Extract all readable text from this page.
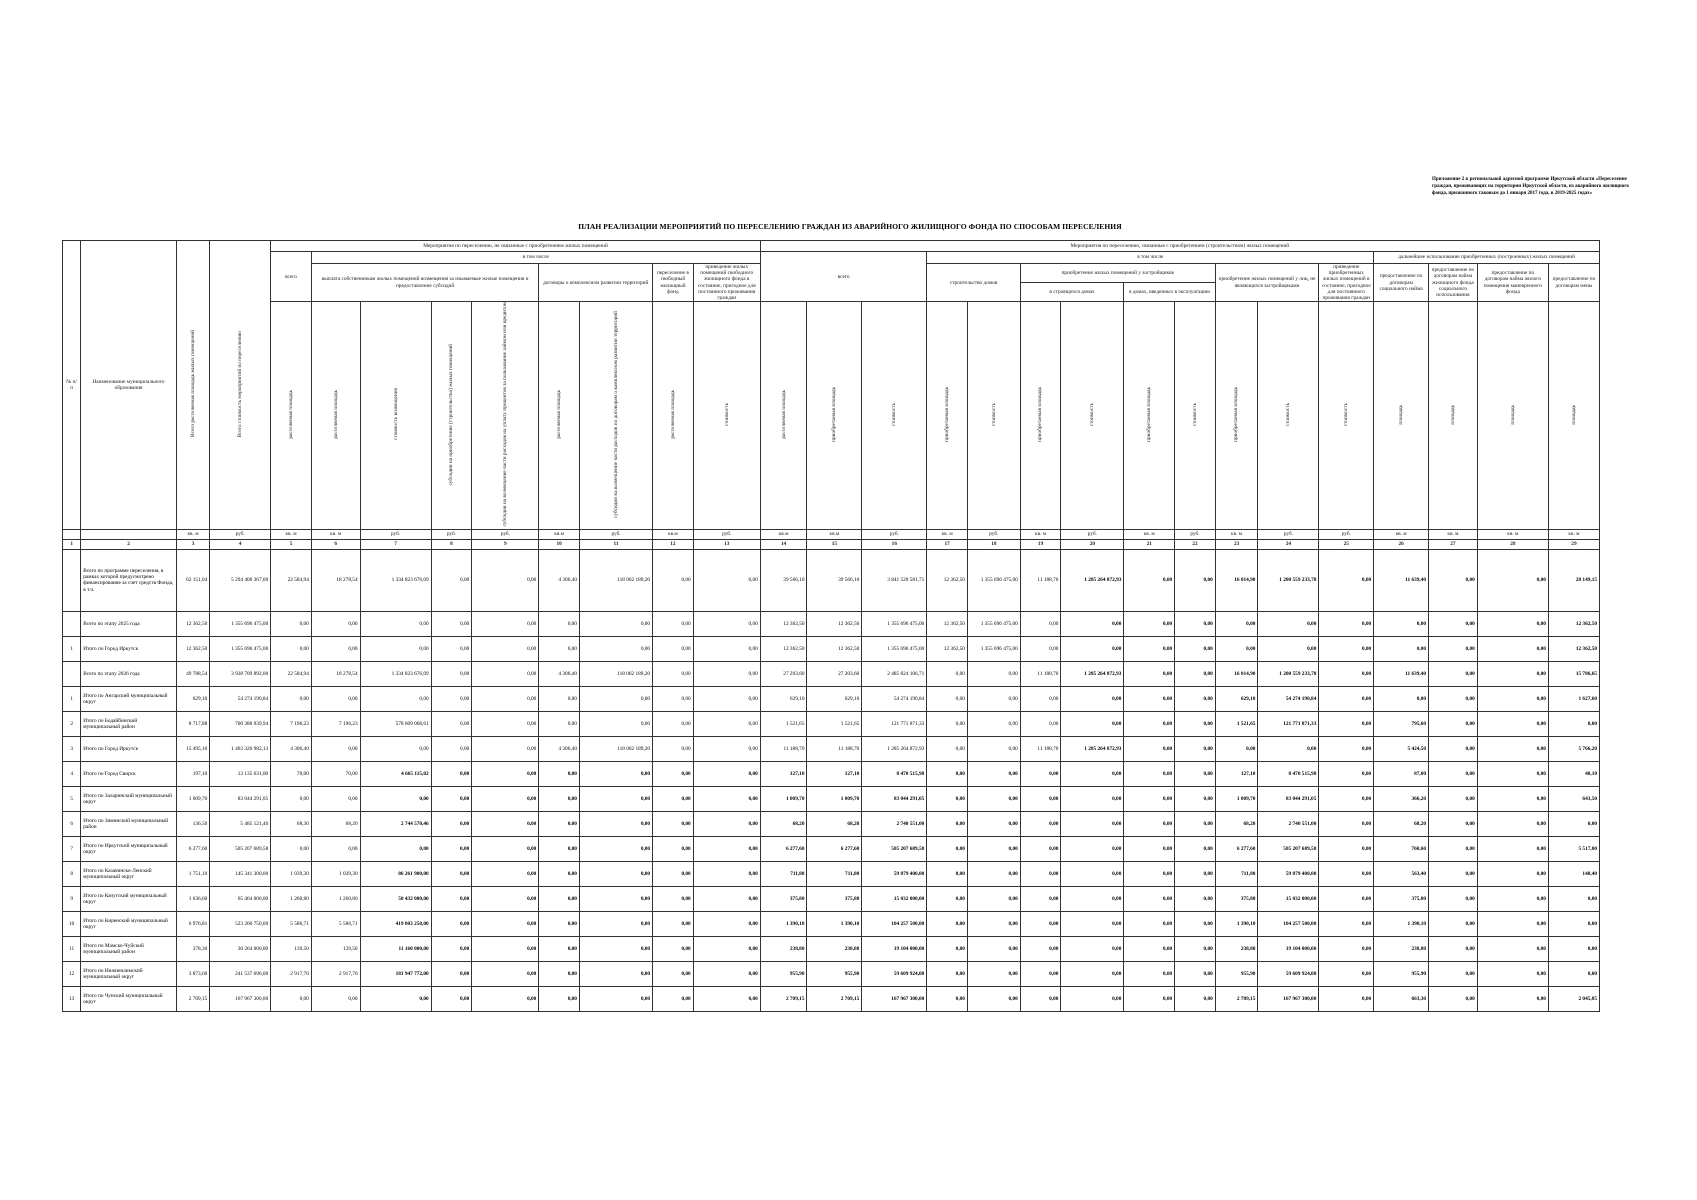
Приложение 2 к региональной адресной программе Иркутской области «Переселение граждан, проживающих на территории Иркутской области, из аварийного жилищного фонда, признанного таковым до 1 января 2017 года, в 2019-2025 годах»
ПЛАН РЕАЛИЗАЦИИ МЕРОПРИЯТИЙ ПО ПЕРЕСЕЛЕНИЮ ГРАЖДАН ИЗ АВАРИЙНОГО ЖИЛИЩНОГО ФОНДА ПО СПОСОБАМ ПЕРЕСЕЛЕНИЯ
№ п/п	Наименование муниципального образования	Всего расселяемая площадь жилых помещений	Всего стоимость мероприятий по переселению	Мероприятия по переселению, не связанные с приобретением жилых помещений									Мероприятия по переселению, связанные с приобретением (строительством) жилых помещений															
				всего	в том числе								всего			в том числе									дальнейшее использование приобретенных (построенных) жилых помещений			
					выплата собственникам жилых помещений возмещения за изымаемые жилые помещения и предоставление субсидий				договоры о комплексном развитии территорий		переселение в свободный жилищный фонд	приведение жилых помещений свободного жилищного фонда в состояние, пригодное для постоянного проживания граждан				строительство домов		приобретение жилых помещений у застройщиков				приобретение жилых помещений у лиц, не являющихся застройщиками		приведение приобретенных жилых помещений в состояние, пригодное для постоянного проживания граждан	предоставление по договорам социального найма	предоставление по договорам найма жилищного фонда социального использования	предоставление по договорам найма жилого помещения маневренного фонда	предоставление по договорам мены
																		в строящихся домах		в домах, введенных в эксплуатацию								
				расселяемая площадь	расселяемая площадь	стоимость возмещения	субсидии на приобретение (строительство) жилых помещений	субсидии на возмещение части расходов на уплату процентов за пользование займом или кредитом	расселяемая площадь	субсидии на возмещение части расходов по договорам о комплексном развитии территорий	расселяемая площадь	стоимость	расселяемая площадь	приобретаемая площадь	стоимость	приобретаемая площадь	стоимость	приобретаемая площадь	стоимость	приобретаемая площадь	стоимость	приобретаемая площадь	стоимость	стоимость	площадь	площадь	площадь	площадь
		кв. м	руб.	кв. м	кв. м	руб.	руб.	руб.	кв.м	руб.	кв.м	руб.	кв.м	кв.м	руб.	кв. м	руб.	кв. м	руб.	кв. м	руб.	кв. м	руб.	руб.	кв. м	кв. м	кв. м	кв. м
1	2	3	4	5	6	7	8	9	10	11	12	13	14	15	16	17	18	19	20	21	22	23	24	25	26	27	28	29
	Всего по программе переселения, в рамках которой предусмотрено финансирование за счет средств Фонда, в т.ч.	62 151,04	5 294 406 367,00	22 584,94	18 278,54	1 334 823 676,09	0,00	0,00	4 306,40	118 062 189,20	0,00	0,00	39 566,10	39 566,10	3 841 520 581,71	12 362,50	1 355 696 475,00	11 188,70	1 285 264 872,93	0,00	0,00	16 014,90	1 200 559 233,78	0,00	11 639,40	0,00	0,00	28 149,15
	Всего по этапу 2025 года	12 362,50	1 355 696 475,00	0,00	0,00	0,00	0,00	0,00	0,00	0,00	0,00	0,00	12 362,50	12 362,50	1 355 696 475,00	12 362,50	1 355 696 475,00	0,00	0,00	0,00	0,00	0,00	0,00	0,00	0,00	0,00	0,00	12 362,50
1	Итого по Город Иркутск	12 362,50	1 355 696 475,00	0,00	0,00	0,00	0,00	0,00	0,00	0,00	0,00	0,00	12 362,50	12 362,50	1 355 696 475,00	12 362,50	1 355 696 475,00	0,00	0,00	0,00	0,00	0,00	0,00	0,00	0,00	0,00	0,00	12 362,50
	Всего по этапу 2026 года	49 788,54	3 938 709 892,00	22 584,94	18 278,54	1 334 823 676,09	0,00	0,00	4 306,40	118 062 189,20	0,00	0,00	27 203,60	27 203,60	2 485 824 106,71	0,00	0,00	11 188,70	1 285 264 872,93	0,00	0,00	16 014,90	1 200 559 233,78	0,00	11 639,40	0,00	0,00	15 786,65
1	Итого по Ангарский муниципальный округ	629,10	54 274 190,84	0,00	0,00	0,00	0,00	0,00	0,00	0,00	0,00	0,00	629,10	629,10	54 274 190,84	0,00	0,00	0,00	0,00	0,00	0,00	629,10	54 274 190,84	0,00	0,00	0,00	0,00	1 627,60
2	Итого по Бодайбинский муниципальный район	8 717,88	700 380 939,94	7 196,23	7 196,23	578 609 068,61	0,00	0,00	0,00	0,00	0,00	0,00	1 521,65	1 521,65	121 771 871,33	0,00	0,00	0,00	0,00	0,00	0,00	1 521,65	121 771 871,33	0,00	795,60	0,00	0,00	0,00
3	Итого по Город Иркутск	15 495,10	1 403 326 982,13	4 306,40	0,00	0,00	0,00	0,00	4 306,40	118 062 189,20	0,00	0,00	11 188,70	11 188,70	1 285 264 872,93	0,00	0,00	11 188,70	1 285 264 872,93	0,00	0,00	0,00	0,00	0,00	5 424,50	0,00	0,00	5 766,20
4	Итого по Город Свирск	197,10	13 135 631,00	70,00	70,00	4 665 115,02	0,00	0,00	0,00	0,00	0,00	0,00	127,10	127,10	8 470 515,98	0,00	0,00	0,00	0,00	0,00	0,00	127,10	8 470 515,98	0,00	87,00	0,00	0,00	40,10
5	Итого по Заларинский муниципальный округ	1 009,70	83 044 291,05	0,00	0,00	0,00	0,00	0,00	0,00	0,00	0,00	0,00	1 009,70	1 009,70	83 044 291,05	0,00	0,00	0,00	0,00	0,00	0,00	1 009,70	83 044 291,05	0,00	366,20	0,00	0,00	643,50
6	Итого по Зиминский муниципальный район	136,50	5 485 121,46	68,30	68,20	2 744 570,46	0,00	0,00	0,00	0,00	0,00	0,00	68,20	68,20	2 740 551,00	0,00	0,00	0,00	0,00	0,00	0,00	68,20	2 740 551,00	0,00	68,20	0,00	0,00	0,00
7	Итого по Иркутский муниципальный округ	6 277,60	505 207 689,58	0,00	0,00	0,00	0,00	0,00	0,00	0,00	0,00	0,00	6 277,60	6 277,60	505 207 689,58	0,00	0,00	0,00	0,00	0,00	0,00	6 277,60	505 207 689,58	0,00	760,60	0,00	0,00	5 517,00
8	Итого по Казачинско-Ленский муниципальный округ	1 751,10	145 341 300,00	1 039,30	1 039,30	86 261 900,00	0,00	0,00	0,00	0,00	0,00	0,00	711,80	711,80	59 079 400,00	0,00	0,00	0,00	0,00	0,00	0,00	711,80	59 079 400,00	0,00	563,40	0,00	0,00	148,40
9	Итого по Качугский муниципальный округ	1 636,60	65 464 000,00	1 260,80	1 260,80	50 432 000,00	0,00	0,00	0,00	0,00	0,00	0,00	375,80	375,80	15 032 000,00	0,00	0,00	0,00	0,00	0,00	0,00	375,80	15 032 000,00	0,00	375,80	0,00	0,00	0,00
10	Итого по Киренский муниципальный округ	6 976,81	523 260 750,00	5 586,71	5 586,71	419 003 250,00	0,00	0,00	0,00	0,00	0,00	0,00	1 390,10	1 390,10	104 257 500,00	0,00	0,00	0,00	0,00	0,00	0,00	1 390,10	104 257 500,00	0,00	1 390,10	0,00	0,00	0,00
11	Итого по Мамско-Чуйский муниципальный район	378,30	30 264 000,00	139,50	139,50	11 160 000,00	0,00	0,00	0,00	0,00	0,00	0,00	238,80	238,80	19 104 000,00	0,00	0,00	0,00	0,00	0,00	0,00	238,80	19 104 000,00	0,00	238,80	0,00	0,00	0,00
12	Итого по Нижнеилимский муниципальный округ	3 873,60	241 537 696,00	2 917,70	2 917,70	181 947 772,00	0,00	0,00	0,00	0,00	0,00	0,00	955,90	955,90	59 609 924,00	0,00	0,00	0,00	0,00	0,00	0,00	955,90	59 609 924,00	0,00	955,90	0,00	0,00	0,00
13	Итого по Чунский муниципальный округ	2 709,15	167 967 300,00	0,00	0,00	0,00	0,00	0,00	0,00	0,00	0,00	0,00	2 709,15	2 709,15	167 967 300,00	0,00	0,00	0,00	0,00	0,00	0,00	2 709,15	167 967 300,00	0,00	663,30	0,00	0,00	2 045,85
